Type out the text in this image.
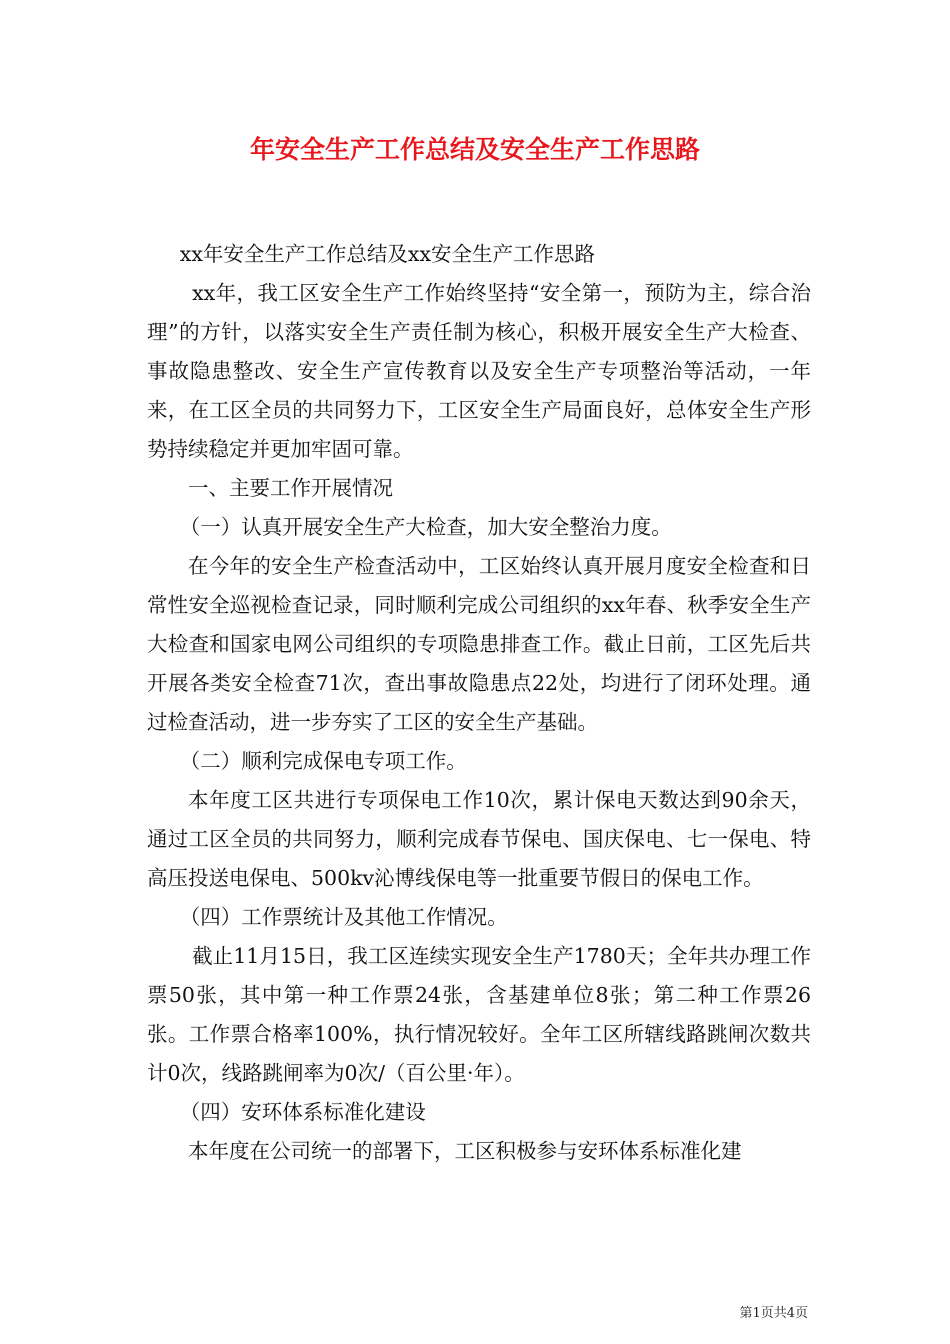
年安全生产工作总结及安全生产工作思路

xx年安全生产工作总结及xx安全生产工作思路

xx年，我工区安全生产工作始终坚持“安全第一，预防为主，综合治理”的方针，以落实安全生产责任制为核心，积极开展安全生产大检查、事故隐患整改、安全生产宣传教育以及安全生产专项整治等活动，一年来，在工区全员的共同努力下，工区安全生产局面良好，总体安全生产形势持续稳定并更加牢固可靠。

一、主要工作开展情况

（一）认真开展安全生产大检查，加大安全整治力度。

在今年的安全生产检查活动中，工区始终认真开展月度安全检查和日常性安全巡视检查记录，同时顺利完成公司组织的xx年春、秋季安全生产大检查和国家电网公司组织的专项隐患排查工作。截止日前，工区先后共开展各类安全检查71次，查出事故隐患点22处，均进行了闭环处理。通过检查活动，进一步夯实了工区的安全生产基础。

（二）顺利完成保电专项工作。

本年度工区共进行专项保电工作10次，累计保电天数达到90余天，通过工区全员的共同努力，顺利完成春节保电、国庆保电、七一保电、特高压投送电保电、500kv沁博线保电等一批重要节假日的保电工作。

（四）工作票统计及其他工作情况。

截止11月15日，我工区连续实现安全生产1780天；全年共办理工作票50张，其中第一种工作票24张，含基建单位8张；第二种工作票26张。工作票合格率100%，执行情况较好。全年工区所辖线路跳闸次数共计0次，线路跳闸率为0次/（百公里·年）。

（四）安环体系标准化建设

本年度在公司统一的部署下，工区积极参与安环体系标准化建

第1页共4页
